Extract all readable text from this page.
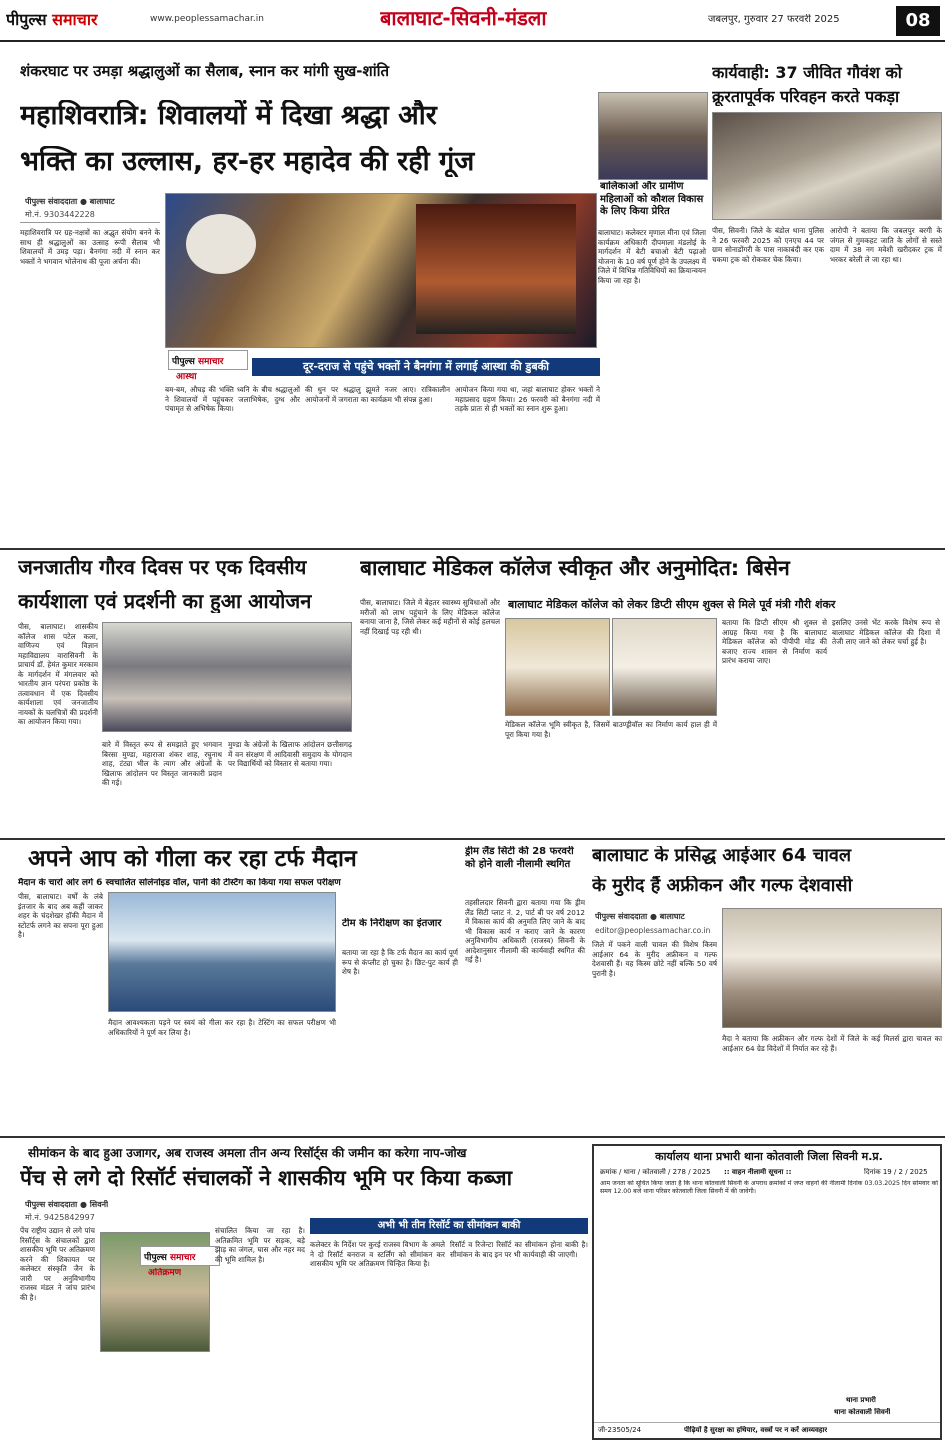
पीपुल्स समाचार	www.peoplessamachar.in	बालाघाट-सिवनी-मंडला	जबलपुर, गुरुवार 27 फरवरी 2025	08
शंकरघाट पर उमड़ा श्रद्धालुओं का सैलाब, स्नान कर मांगी सुख-शांति
महाशिवरात्रि: शिवालयों में दिखा श्रद्धा और
भक्ति का उल्लास, हर-हर महादेव की रही गूंज
पीपुल्स संवाददाता ● बालाघाट
मो.नं. 9303442228
महाशिवरात्रि पर ग्रह-नक्षत्रों का अद्भुत संयोग बनने के साथ ही श्रद्धालुओं का उत्साह रूपी सैलाब भी शिवालयों में उमड़ पड़ा। बैनगंगा नदी में स्नान कर भक्तों ने भगवान भोलेनाथ की पूजा अर्चना की।
पीपुल्स समाचार
आस्था
दूर-दराज से पहुंचे भक्तों ने बैनगंगा में लगाई आस्था की डुबकी
बम-बम, औघड़ की भक्ति ध्वनि के बीच श्रद्धालुओं ने शिवालयों में पहुंचकर जलाभिषेक, दुग्ध और पंचामृत से अभिषेक किया।
की धुन पर श्रद्धालु झूमते नजर आए। रात्रिकालीन आयोजनों में जगराता का कार्यक्रम भी संपन्न हुआ।
आयोजन किया गया था, जहां बालाघाट होकर भक्तों ने महाप्रसाद ग्रहण किया। 26 फरवरी को बैनगंगा नदी में तड़के प्रातः से ही भक्तों का स्नान शुरू हुआ।
बालिकाओं और ग्रामीण महिलाओं को कौशल विकास के लिए किया प्रेरित
बालाघाट। कलेक्टर मृणाल मीना एवं जिला कार्यक्रम अधिकारी दीपमाला मंडलोई के मार्गदर्शन में बेटी बचाओ बेटी पढ़ाओ योजना के 10 वर्ष पूर्ण होने के उपलक्ष्य में जिले में विभिन्न गतिविधियों का क्रियान्वयन किया जा रहा है।
कार्यवाही: 37 जीवित गौवंश को
क्रूरतापूर्वक परिवहन करते पकड़ा
पीस, सिवनी। जिले के बंडोल थाना पुलिस ने 26 फरवरी 2025 को एनएच 44 पर ग्राम सोनाडोंगरी के पास नाकाबंदी कर एक चकमा ट्रक को रोककर चेक किया।
आरोपी ने बताया कि जबलपुर बरगी के जंगल से गुमकहट जाति के लोगों से सस्ते दाम में 38 नग मवेशी खरीदकर ट्रक में भरकर बरेली ले जा रहा था।
जनजातीय गौरव दिवस पर एक दिवसीय
कार्यशाला एवं प्रदर्शनी का हुआ आयोजन
पीस, बालाघाट। शासकीय कॉलेज शास पटेल कला, वाणिज्य एवं विज्ञान महाविद्यालय वारासिवनी के प्राचार्य डॉ. हेमंत कुमार मरकाम के मार्गदर्शन में मंगलवार को भारतीय ज्ञान परंपरा प्रकोष्ठ के तत्वावधान में एक दिवसीय कार्यशाला एवं जनजातीय नायकों के चलचित्रों की प्रदर्शनी का आयोजन किया गया।
बारे में विस्तृत रूप से समझाते हुए भगवान बिरसा मुण्डा, महाराजा शंकर शाह, रघुनाथ शाह, टंट्या भील के त्याग और अंग्रेजों के खिलाफ आंदोलन पर विस्तृत जानकारी प्रदान की गई।
मुण्डा के अंग्रेजों के खिलाफ आंदोलन छत्तीसगढ़ में वन संरक्षण में आदिवासी समुदाय के योगदान पर विद्यार्थियों को विस्तार से बताया गया।
बालाघाट मेडिकल कॉलेज स्वीकृत और अनुमोदित: बिसेन
बालाघाट मेडिकल कॉलेज को लेकर डिप्टी सीएम शुक्ल से मिले पूर्व मंत्री गौरी शंकर
पीस, बालाघाट। जिले में बेहतर स्वास्थ्य सुविधाओं और मरीजों को लाभ पहुंचाने के लिए मेडिकल कॉलेज बनाया जाना है, जिसे लेकर कई महीनों से कोई हलचल नहीं दिखाई पड़ रही थी।
मेडिकल कॉलेज भूमि स्वीकृत है, जिसमें बाउण्ड्रीवॉल का निर्माण कार्य हाल ही में पूरा किया गया है।
बताया कि डिप्टी सीएम श्री शुक्ल से आग्रह किया गया है कि बालाघाट मेडिकल कॉलेज को पीपीपी मोड की बजाए राज्य शासन से निर्माण कार्य प्रारंभ कराया जाए।
इसलिए उनसे भेंट करके विशेष रूप से बालाघाट मेडिकल कॉलेज की दिशा में तेजी लाए जाने को लेकर चर्चा हुई है।
अपने आप को गीला कर रहा टर्फ मैदान
मैदान के चारों ओर लगे 6 स्वचालित सोलेनोइड वॉल, पानी की टेस्टिंग का किया गया सफल परीक्षण
पीस, बालाघाट। वर्षों के लंबे इंतजार के बाद अब कहीं जाकर शहर के चंदशेखर हॉकी मैदान में स्टोटर्फ लगने का सपना पूरा हुआ है।
टीम के निरीक्षण का इंतजार
मैदान आवश्यकता पड़ने पर स्वयं को गीला कर रहा है। टेस्टिंग का सफल परीक्षण भी अधिकारियों ने पूर्ण कर लिया है।
बताया जा रहा है कि टर्फ मैदान का कार्य पूर्ण रूप से कंप्लीट हो चुका है। छिट-पुट कार्य ही शेष है।
ड्रीम लैंड सिटी की 28 फरवरी को होने वाली नीलामी स्थगित
तहसीलदार सिवनी द्वारा बताया गया कि ड्रीम लैंड सिटी प्लाट नं. 2, पार्ट बी पर वर्ष 2012 में विकास कार्य की अनुमति लिए जाने के बाद भी विकास कार्य न कराए जाने के कारण अनुविभागीय अधिकारी (राजस्व) सिवनी के आदेशानुसार नीलामी की कार्यवाही स्थगित की गई है।
बालाघाट के प्रसिद्ध आईआर 64 चावल
के मुरीद हैं अफ्रीकन और गल्फ देशवासी
पीपुल्स संवाददाता ● बालाघाट
editor@peoplessamachar.co.in
जिले में पकने वाली चावल की विशेष किस्म आईआर 64 के मुरीद अफ्रीकन व गल्फ देशवासी हैं। यह किस्म छोटे नहीं बल्कि 50 वर्ष पुरानी है।
मैदा ने बताया कि अफ्रीकन और गल्फ देशों में जिले के कई मिलर्स द्वारा चावल का आईआर 64 ग्रेड विदेशों में निर्यात कर रहे हैं।
सीमांकन के बाद हुआ उजागर, अब राजस्व अमला तीन अन्य रिसॉर्ट्स की जमीन का करेगा नाप-जोख
पेंच से लगे दो रिसॉर्ट संचालकों ने शासकीय भूमि पर किया कब्जा
पीपुल्स संवाददाता ● सिवनी
मो.नं. 9425842997
पेंच राष्ट्रीय उद्यान से लगे पांच रिसॉर्ट्स के संचालकों द्वारा शासकीय भूमि पर अतिक्रमण करने की शिकायत पर कलेक्टर संस्कृति जैन के जारी पर अनुविभागीय राजस्व मंडल ने जांच प्रारंभ की है।
पीपुल्स समाचार
अतिक्रमण
संचालित किया जा रहा है। अतिक्रमित भूमि पर सड़क, बड़े झाड़ का जंगल, घास और नहर मद की भूमि शामिल है।
अभी भी तीन रिसॉर्ट का सीमांकन बाकी
कलेक्टर के निर्देश पर कुरई राजस्व विभाग के अमले ने दो रिसॉर्ट बनराज व स्टर्लिंग को सीमांकन कर शासकीय भूमि पर अतिक्रमण चिन्हित किया है।
रिसॉर्ट व रिजेन्टा रिसॉर्ट का सीमांकन होना बाकी है। सीमांकन के बाद इन पर भी कार्यवाही की जाएगी।
कार्यालय थाना प्रभारी थाना कोतवाली जिला सिवनी म.प्र.
क्रमांक / थाना / कोतवाली / 278 / 2025 :: वाहन नीलामी सूचना ::	दिनांक 19 / 2 / 2025
आम जनता को सूचित किया जाता है कि थाना कोतवाली सिवनी के अपराध क्रमांकों में जप्त वाहनों की नीलामी दिनांक 03.03.2025 दिन सोमवार को समय 12.00 बजे थाना परिसर कोतवाली जिला सिवनी में की जावेगी।
थाना प्रभारी
थाना कोतवाली सिवनी
जी-23505/24	पीढ़ियों है सुरक्षा का हथियार, वस्त्रों पर न करें आव्यवहार
